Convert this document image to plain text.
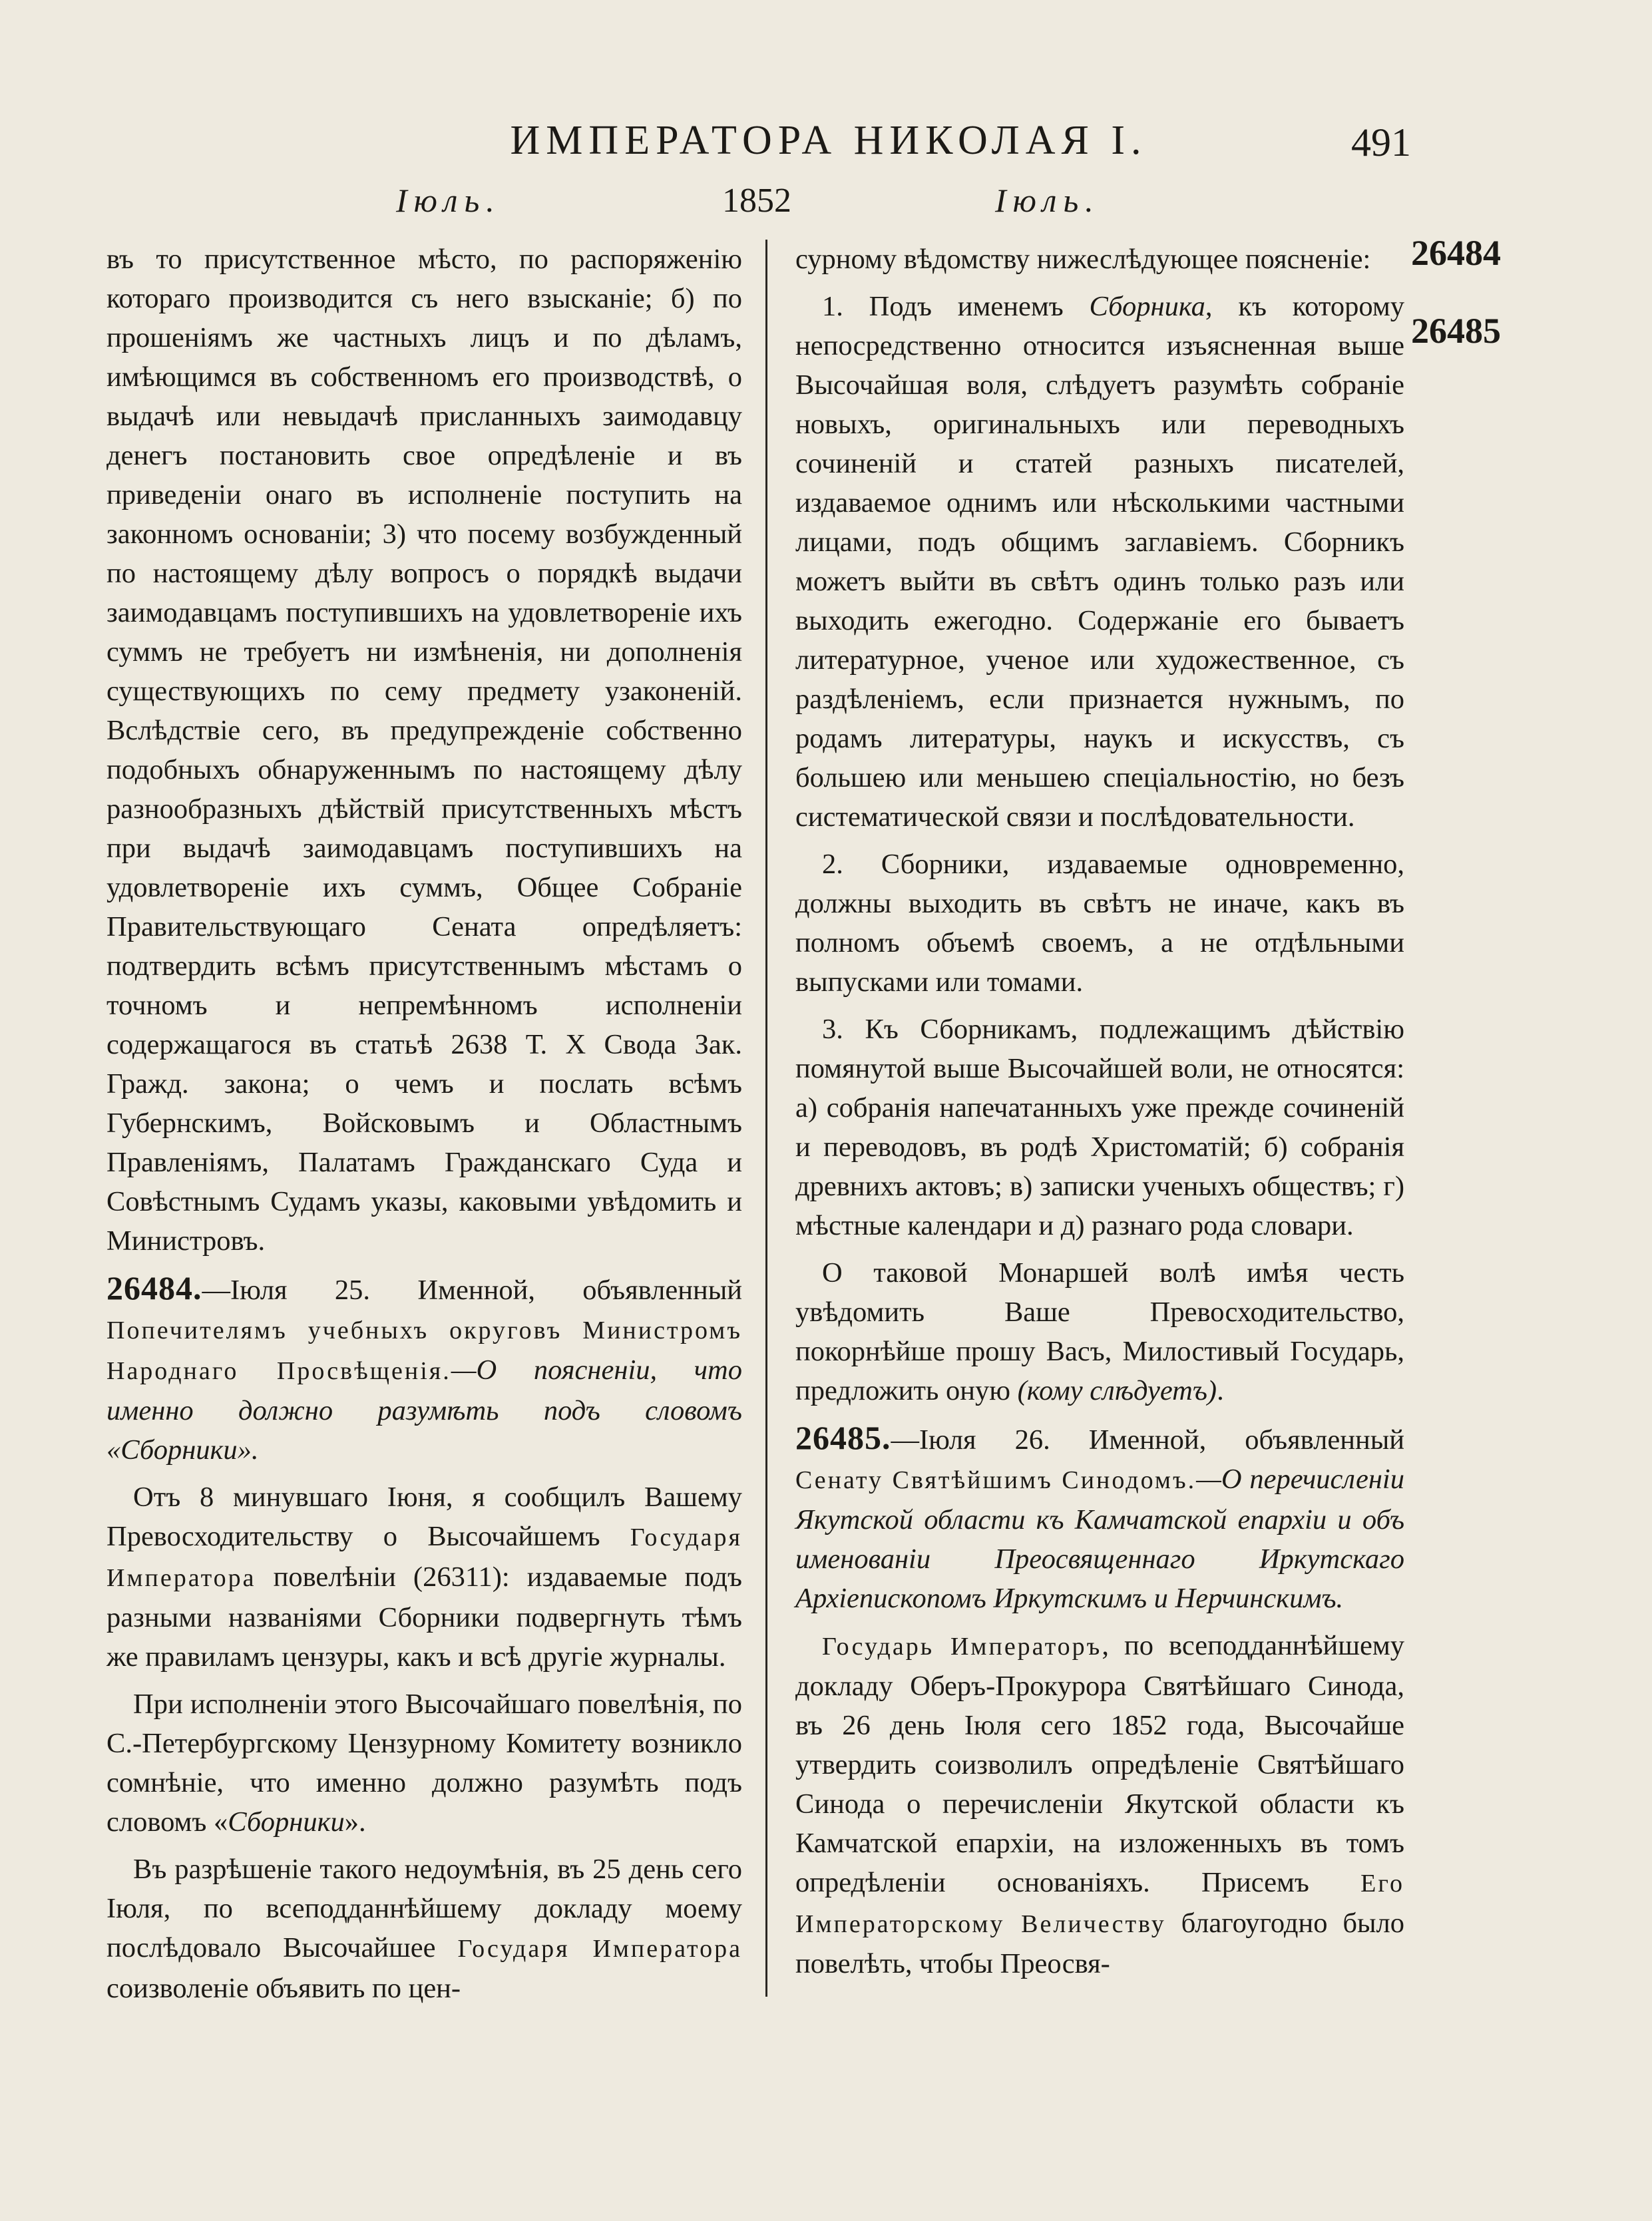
ИМПЕРАТОРА НИКОЛАЯ I.	491
Іюль.	1852	Іюль.

въ то присутственное мѣсто, по распоряженію котораго производится съ него взысканіе; б) по прошеніямъ же частныхъ лицъ и по дѣламъ, имѣющимся въ собственномъ его производствѣ, о выдачѣ или невыдачѣ присланныхъ заимодавцу денегъ постановить свое опредѣленіе и въ приведеніи онаго въ исполненіе поступить на законномъ основаніи; 3) что посему возбужденный по настоящему дѣлу вопросъ о порядкѣ выдачи заимодавцамъ поступившихъ на удовлетвореніе ихъ суммъ не требуетъ ни измѣненія, ни дополненія существующихъ по сему предмету узаконеній. Вслѣдствіе сего, въ предупрежденіе собственно подобныхъ обнаруженнымъ по настоящему дѣлу разнообразныхъ дѣйствій присутственныхъ мѣстъ при выдачѣ заимодавцамъ поступившихъ на удовлетвореніе ихъ суммъ, Общее Собраніе Правительствующаго Сената опредѣляетъ: подтвердить всѣмъ присутственнымъ мѣстамъ о точномъ и непремѣнномъ исполненіи содержащагося въ статьѣ 2638 Т. X Свода Зак. Гражд. закона; о чемъ и послать всѣмъ Губернскимъ, Войсковымъ и Областнымъ Правленіямъ, Палатамъ Гражданскаго Суда и Совѣстнымъ Судамъ указы, каковыми увѣдомить и Министровъ.

26484.—Іюля 25. Именной, объявленный Попечителямъ учебныхъ округовъ Министромъ Народнаго Просвѣщенія.—О поясненіи, что именно должно разумѣть подъ словомъ «Сборники».

Отъ 8 минувшаго Іюня, я сообщилъ Вашему Превосходительству о Высочайшемъ Государя Императора повелѣніи (26311): издаваемые подъ разными названіями Сборники подвергнуть тѣмъ же правиламъ цензуры, какъ и всѣ другіе журналы.

При исполненіи этого Высочайшаго повелѣнія, по С.-Петербургскому Цензурному Комитету возникло сомнѣніе, что именно должно разумѣть подъ словомъ «Сборники».

Въ разрѣшеніе такого недоумѣнія, въ 25 день сего Іюля, по всеподданнѣйшему докладу моему послѣдовало Высочайшее Государя Императора соизволеніе объявить по цен-

сурному вѣдомству нижеслѣдующее поясненіе:

1. Подъ именемъ Сборника, къ которому непосредственно относится изъясненная выше Высочайшая воля, слѣдуетъ разумѣть собраніе новыхъ, оригинальныхъ или переводныхъ сочиненій и статей разныхъ писателей, издаваемое однимъ или нѣсколькими частными лицами, подъ общимъ заглавіемъ. Сборникъ можетъ выйти въ свѣтъ одинъ только разъ или выходить ежегодно. Содержаніе его бываетъ литературное, ученое или художественное, съ раздѣленіемъ, если признается нужнымъ, по родамъ литературы, наукъ и искусствъ, съ большею или меньшею спеціальностію, но безъ систематической связи и послѣдовательности.

2. Сборники, издаваемые одновременно, должны выходить въ свѣтъ не иначе, какъ въ полномъ объемѣ своемъ, а не отдѣльными выпусками или томами.

3. Къ Сборникамъ, подлежащимъ дѣйствію помянутой выше Высочайшей воли, не относятся: а) собранія напечатанныхъ уже прежде сочиненій и переводовъ, въ родѣ Христоматій; б) собранія древнихъ актовъ; в) записки ученыхъ обществъ; г) мѣстные календари и д) разнаго рода словари.

О таковой Монаршей волѣ имѣя честь увѣдомить Ваше Превосходительство, покорнѣйше прошу Васъ, Милостивый Государь, предложить оную (кому слѣдуетъ).

26485.—Іюля 26. Именной, объявленный Сенату Святѣйшимъ Синодомъ.—О перечисленіи Якутской области къ Камчатской епархіи и объ именованіи Преосвященнаго Иркутскаго Архіепископомъ Иркутскимъ и Нерчинскимъ.

Государь Императоръ, по всеподданнѣйшему докладу Оберъ-Прокурора Святѣйшаго Синода, въ 26 день Іюля сего 1852 года, Высочайше утвердить соизволилъ опредѣленіе Святѣйшаго Синода о перечисленіи Якутской области къ Камчатской епархіи, на изложенныхъ въ томъ опредѣленіи основаніяхъ. Присемъ Его Императорскому Величеству благоугодно было повелѣть, чтобы Преосвя-

26484
26485
